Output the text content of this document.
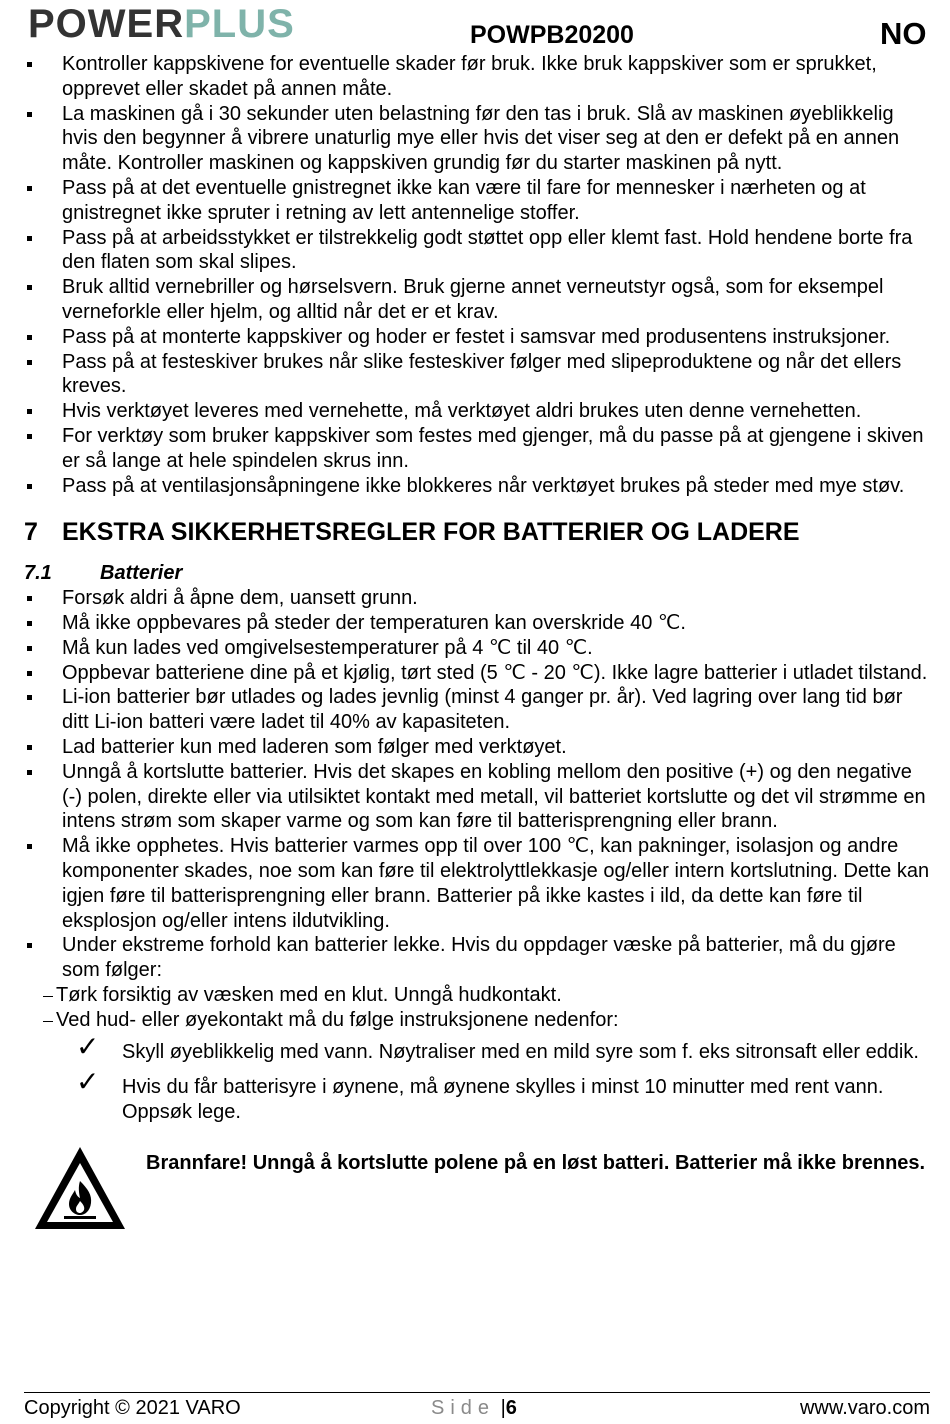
POWERPLUS	POWPB20200	NO
Kontroller kappskivene for eventuelle skader før bruk. Ikke bruk kappskiver som er sprukket, opprevet eller skadet på annen måte.
La maskinen gå i 30 sekunder uten belastning før den tas i bruk. Slå av maskinen øyeblikkelig hvis den begynner å vibrere unaturlig mye eller hvis det viser seg at den er defekt på en annen måte. Kontroller maskinen og kappskiven grundig før du starter maskinen på nytt.
Pass på at det eventuelle gnistregnet ikke kan være til fare for mennesker i nærheten og at gnistregnet ikke spruter i retning av lett antennelige stoffer.
Pass på at arbeidsstykket er tilstrekkelig godt støttet opp eller klemt fast. Hold hendene borte fra den flaten som skal slipes.
Bruk alltid vernebriller og hørselsvern. Bruk gjerne annet verneutstyr også, som for eksempel verneforkle eller hjelm, og alltid når det er et krav.
Pass på at monterte kappskiver og hoder er festet i samsvar med produsentens instruksjoner.
Pass på at festeskiver brukes når slike festeskiver følger med slipeproduktene og når det ellers kreves.
Hvis verktøyet leveres med vernehette, må verktøyet aldri brukes uten denne vernehetten.
For verktøy som bruker kappskiver som festes med gjenger, må du passe på at gjengene i skiven er så lange at hele spindelen skrus inn.
Pass på at ventilasjonsåpningene ikke blokkeres når verktøyet brukes på steder med mye støv.
7 EKSTRA SIKKERHETSREGLER FOR BATTERIER OG LADERE
7.1 Batterier
Forsøk aldri å åpne dem, uansett grunn.
Må ikke oppbevares på steder der temperaturen kan overskride 40 ℃.
Må kun lades ved omgivelsestemperaturer på 4 ℃ til 40 ℃.
Oppbevar batteriene dine på et kjølig, tørt sted (5 ℃ - 20 ℃). Ikke lagre batterier i utladet tilstand.
Li-ion batterier bør utlades og lades jevnlig (minst 4 ganger pr. år). Ved lagring over lang tid bør ditt Li-ion batteri være ladet til 40% av kapasiteten.
Lad batterier kun med laderen som følger med verktøyet.
Unngå å kortslutte batterier. Hvis det skapes en kobling mellom den positive (+) og den negative (-) polen, direkte eller via utilsiktet kontakt med metall, vil batteriet kortslutte og det vil strømme en intens strøm som skaper varme og som kan føre til batterisprengning eller brann.
Må ikke opphetes. Hvis batterier varmes opp til over 100 ℃, kan pakninger, isolasjon og andre komponenter skades, noe som kan føre til elektrolyttlekkasje og/eller intern kortslutning. Dette kan igjen føre til batterisprengning eller brann. Batterier på ikke kastes i ild, da dette kan føre til eksplosjon og/eller intens ildutvikling.
Under ekstreme forhold kan batterier lekke. Hvis du oppdager væske på batterier, må du gjøre som følger:
Tørk forsiktig av væsken med en klut. Unngå hudkontakt.
Ved hud- eller øyekontakt må du følge instruksjonene nedenfor:
✓ Skyll øyeblikkelig med vann. Nøytraliser med en mild syre som f. eks sitronsaft eller eddik.
✓ Hvis du får batterisyre i øynene, må øynene skylles i minst 10 minutter med rent vann. Oppsøk lege.
Brannfare! Unngå å kortslutte polene på en løst batteri. Batterier må ikke brennes.
Copyright © 2021 VARO	Side |6	www.varo.com
